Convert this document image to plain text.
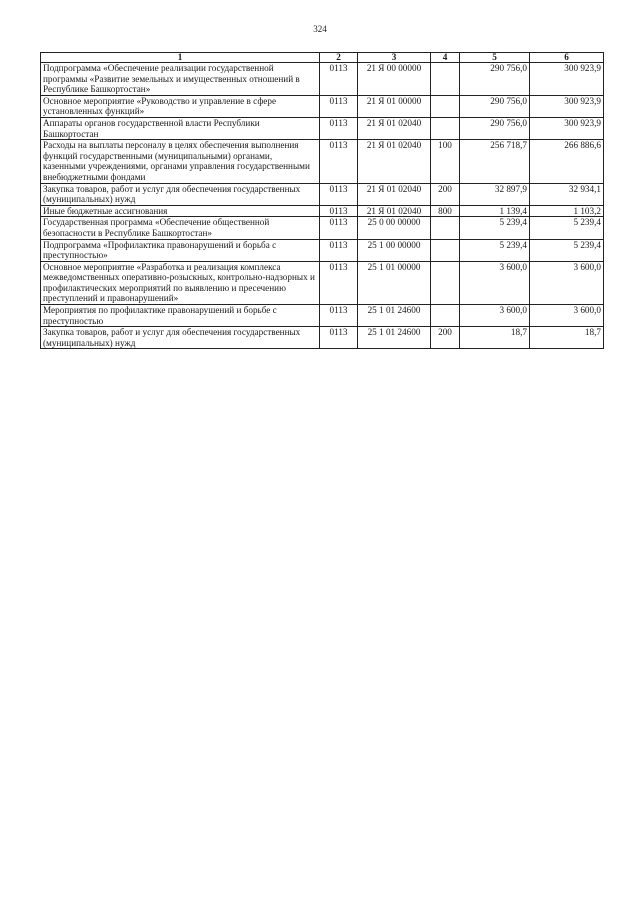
324
1	2	3	4	5	6
Подпрограмма «Обеспечение реализации государственной программы «Развитие земельных и имущественных отношений в Республике Башкортостан»	0113	21 Я 00 00000		290 756,0	300 923,9
Основное мероприятие «Руководство и управление в сфере установленных функций»	0113	21 Я 01 00000		290 756,0	300 923,9
Аппараты органов государственной власти Республики Башкортостан	0113	21 Я 01 02040		290 756,0	300 923,9
Расходы на выплаты персоналу в целях обеспечения выполнения функций государственными (муниципальными) органами, казенными учреждениями, органами управления государственными внебюджетными фондами	0113	21 Я 01 02040	100	256 718,7	266 886,6
Закупка товаров, работ и услуг для обеспечения государственных (муниципальных) нужд	0113	21 Я 01 02040	200	32 897,9	32 934,1
Иные бюджетные ассигнования	0113	21 Я 01 02040	800	1 139,4	1 103,2
Государственная программа «Обеспечение общественной безопасности в Республике Башкортостан»	0113	25 0 00 00000		5 239,4	5 239,4
Подпрограмма «Профилактика правонарушений и борьба с преступностью»	0113	25 1 00 00000		5 239,4	5 239,4
Основное мероприятие «Разработка и реализация комплекса межведомственных оперативно-розыскных, контрольно-надзорных и профилактических мероприятий по выявлению и пресечению преступлений и правонарушений»	0113	25 1 01 00000		3 600,0	3 600,0
Мероприятия по профилактике правонарушений и борьбе с преступностью	0113	25 1 01 24600		3 600,0	3 600,0
Закупка товаров, работ и услуг для обеспечения государственных (муниципальных) нужд	0113	25 1 01 24600	200	18,7	18,7
